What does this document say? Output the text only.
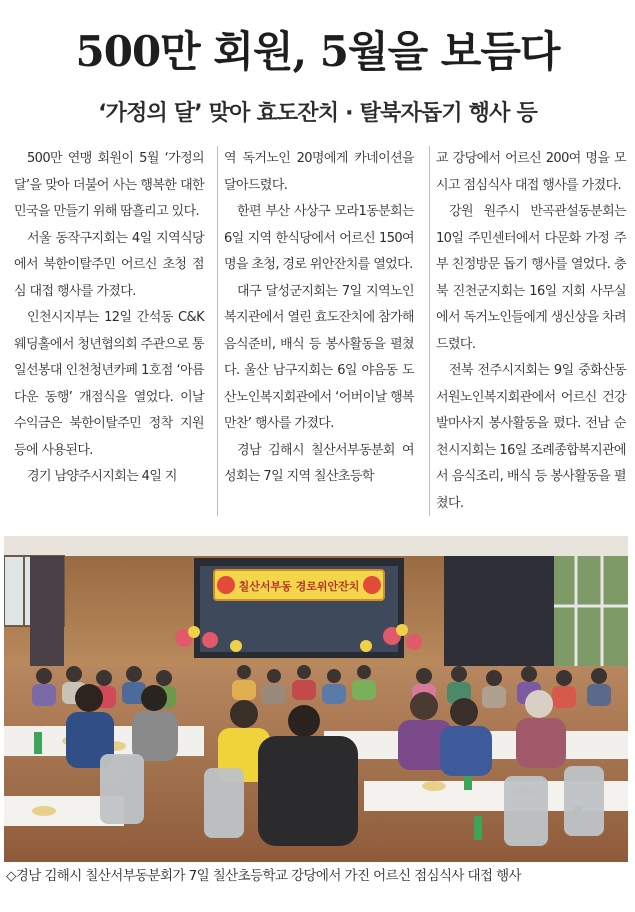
500만 회원, 5월을 보듬다
‘가정의 달’ 맞아 효도잔치 · 탈북자돕기 행사 등

500만 연맹 회원이 5월 ‘가정의 달’을 맞아 더불어 사는 행복한 대한민국을 만들기 위해 땀흘리고 있다.

서울 동작구지회는 4일 지역식당에서 북한이탈주민 어르신 초청 점심 대접 행사를 가졌다.

인천시지부는 12일 간석동 C&K웨딩홀에서 청년협의회 주관으로 통일선봉대 인천청년카페 1호점 ‘아름다운 동행’ 개점식을 열었다. 이날 수익금은 북한이탈주민 정착 지원 등에 사용된다.

경기 남양주시지회는 4일 지

역 독거노인 20명에게 카네이션을 달아드렸다.

한편 부산 사상구 모라1동분회는 6일 지역 한식당에서 어르신 150여 명을 초청, 경로 위안잔치를 열었다.

대구 달성군지회는 7일 지역노인복지관에서 열린 효도잔치에 참가해 음식준비, 배식 등 봉사활동을 펼쳤다. 울산 남구지회는 6일 야음동 도산노인복지회관에서 ‘어버이날 행복만찬’ 행사를 가졌다.

경남 김해시 칠산서부동분회 여성회는 7일 지역 칠산초등학

교 강당에서 어르신 200여 명을 모시고 점심식사 대접 행사를 가졌다.

강원 원주시 반곡관설동분회는 10일 주민센터에서 다문화 가정 주부 친정방문 돕기 행사를 열었다. 충북 진천군지회는 16일 지회 사무실에서 독거노인들에게 생신상을 차려드렸다.

전북 전주시지회는 9일 중화산동 서원노인복지회관에서 어르신 건강 발마사지 봉사활동을 폈다. 전남 순천시지회는 16일 조례종합복지관에서 음식조리, 배식 등 봉사활동을 펼쳤다.

칠산서부동 경로위안잔치

◇경남 김해시 칠산서부동분회가 7일 칠산초등학교 강당에서 가진 어르신 점심식사 대접 행사
